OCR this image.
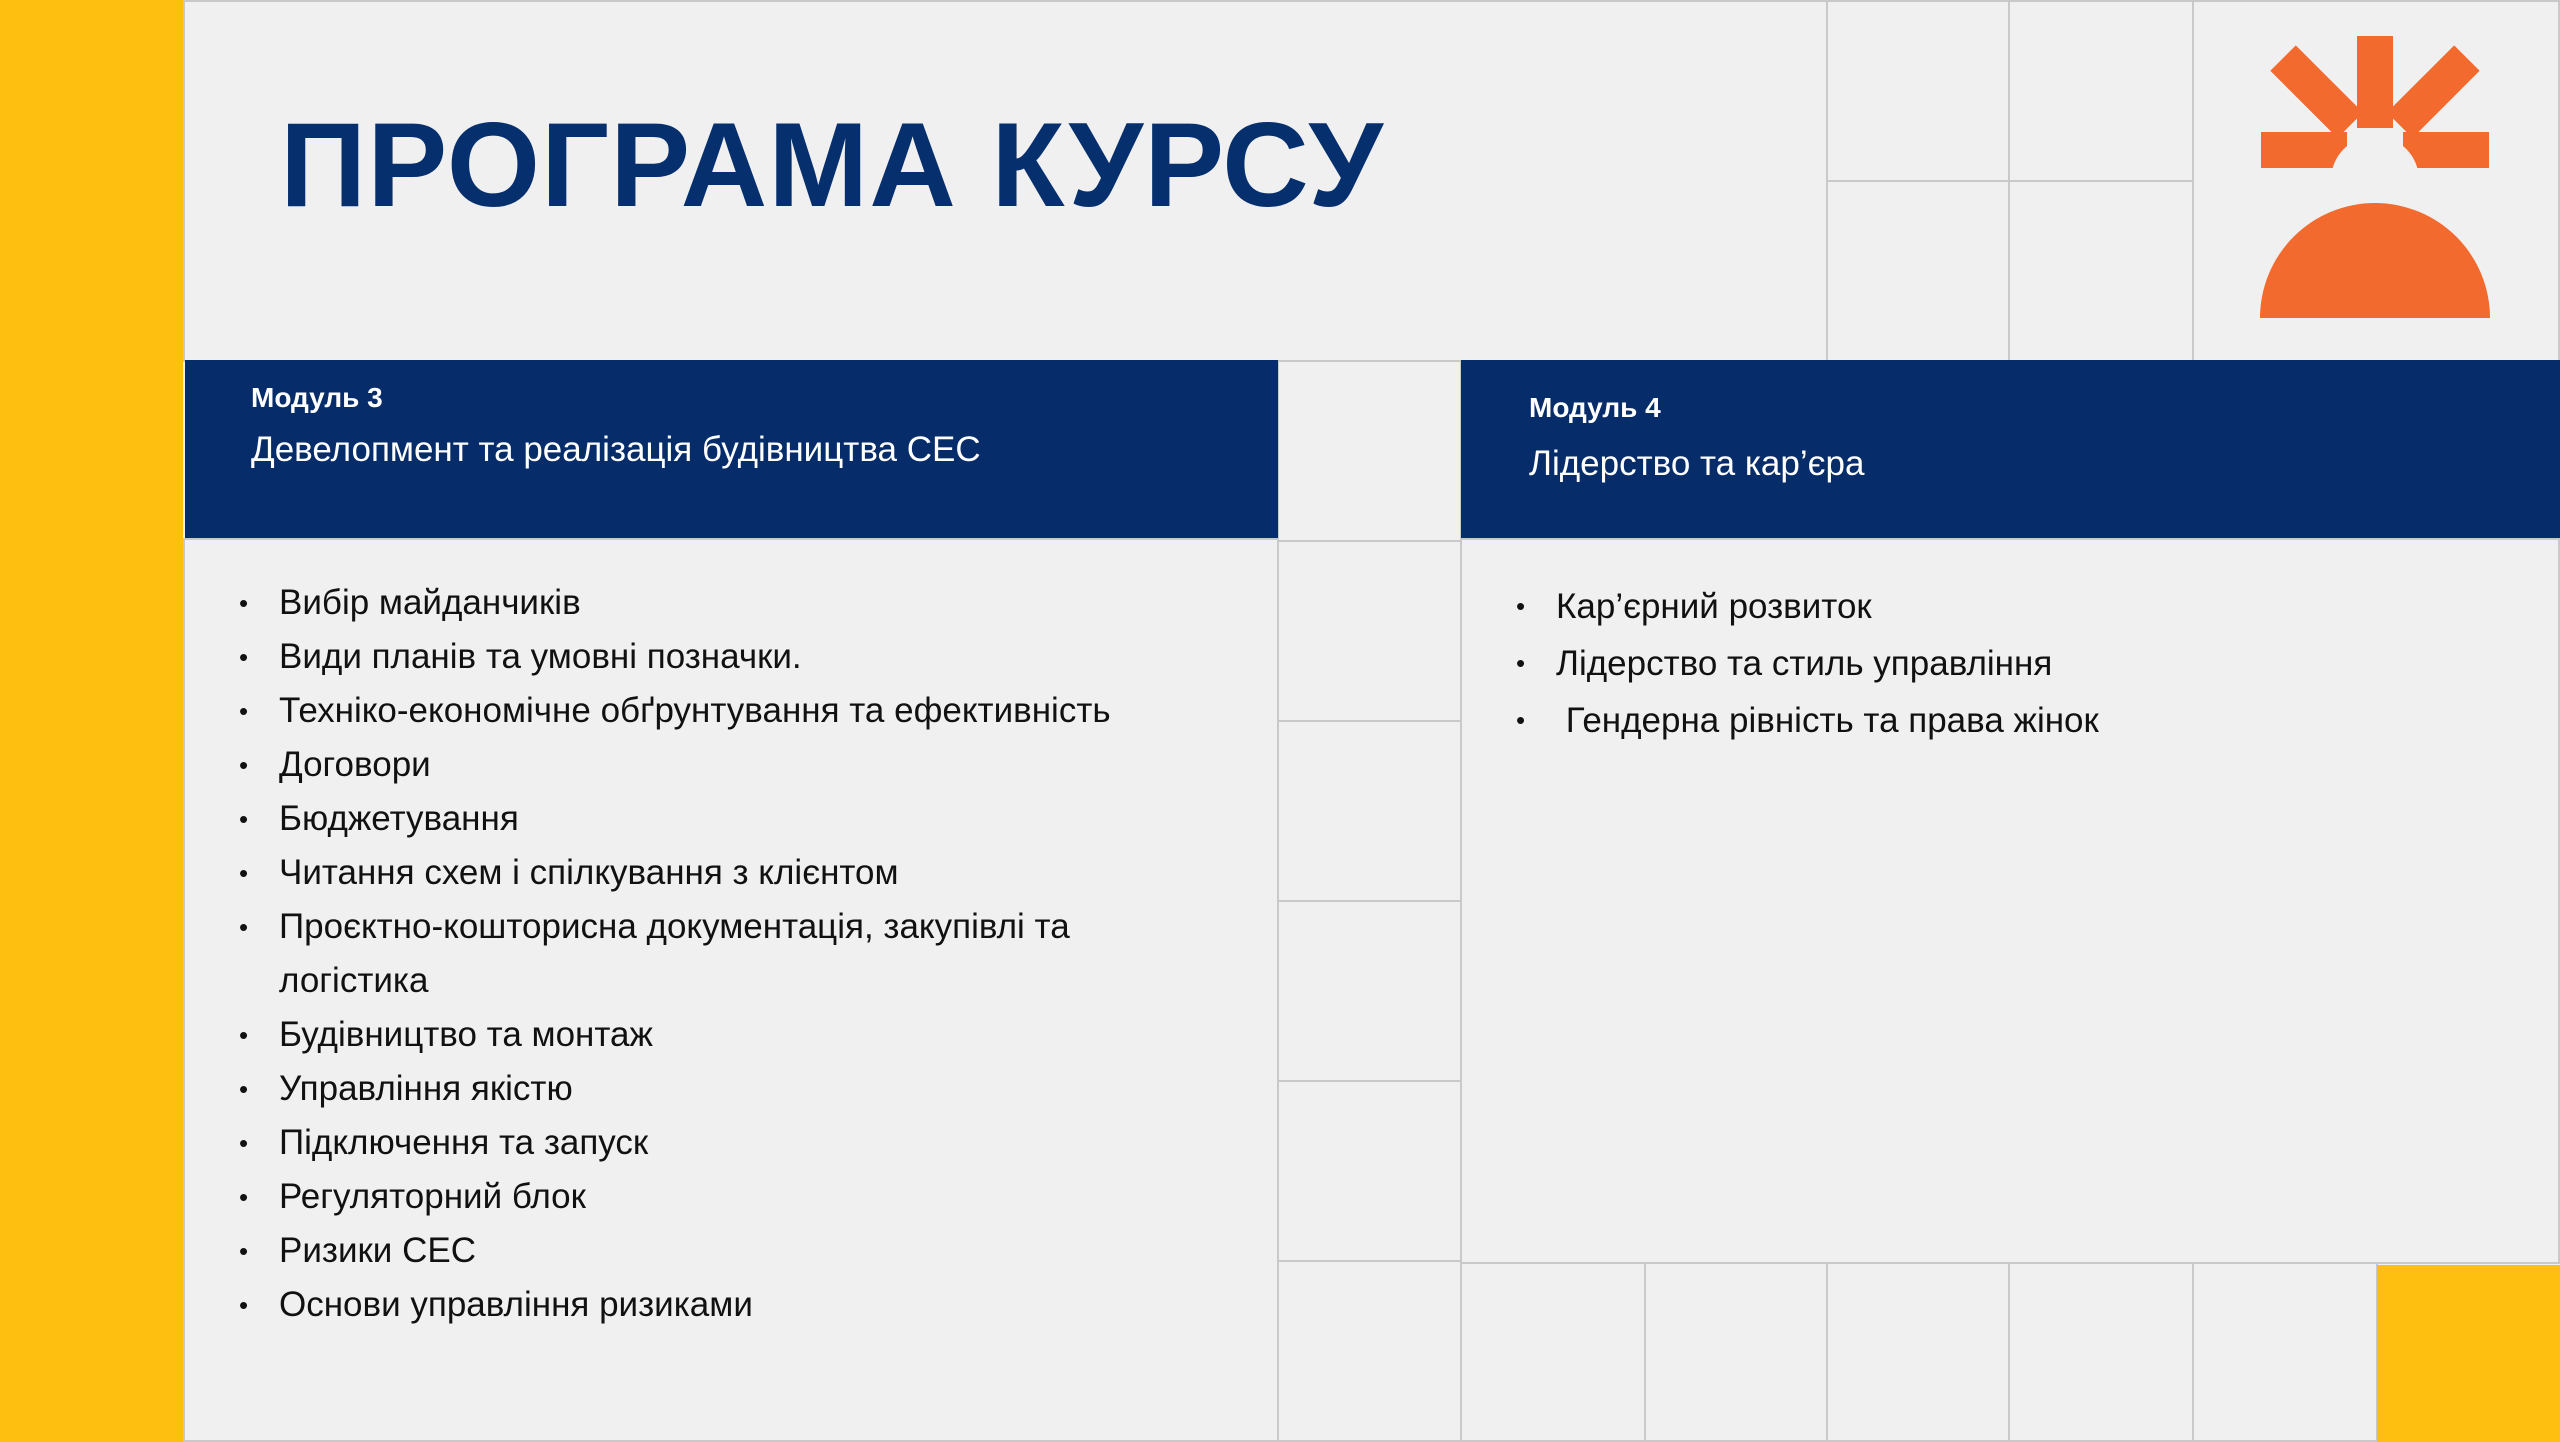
ПРОГРАМА КУРСУ
Модуль 3
Девелопмент та реалізація будівництва СЕС
• Вибір майданчиків
• Види планів та умовні позначки.
• Техніко-економічне обґрунтування та ефективність
• Договори
• Бюджетування
• Читання схем і спілкування з клієнтом
• Проєктно-кошторисна документація, закупівлі та логістика
• Будівництво та монтаж
• Управління якістю
• Підключення та запуск
• Регуляторний блок
• Ризики СЕС
• Основи управління ризиками
Модуль 4
Лідерство та кар’єра
• Кар’єрний розвиток
• Лідерство та стиль управління
•  Гендерна рівність та права жінок
